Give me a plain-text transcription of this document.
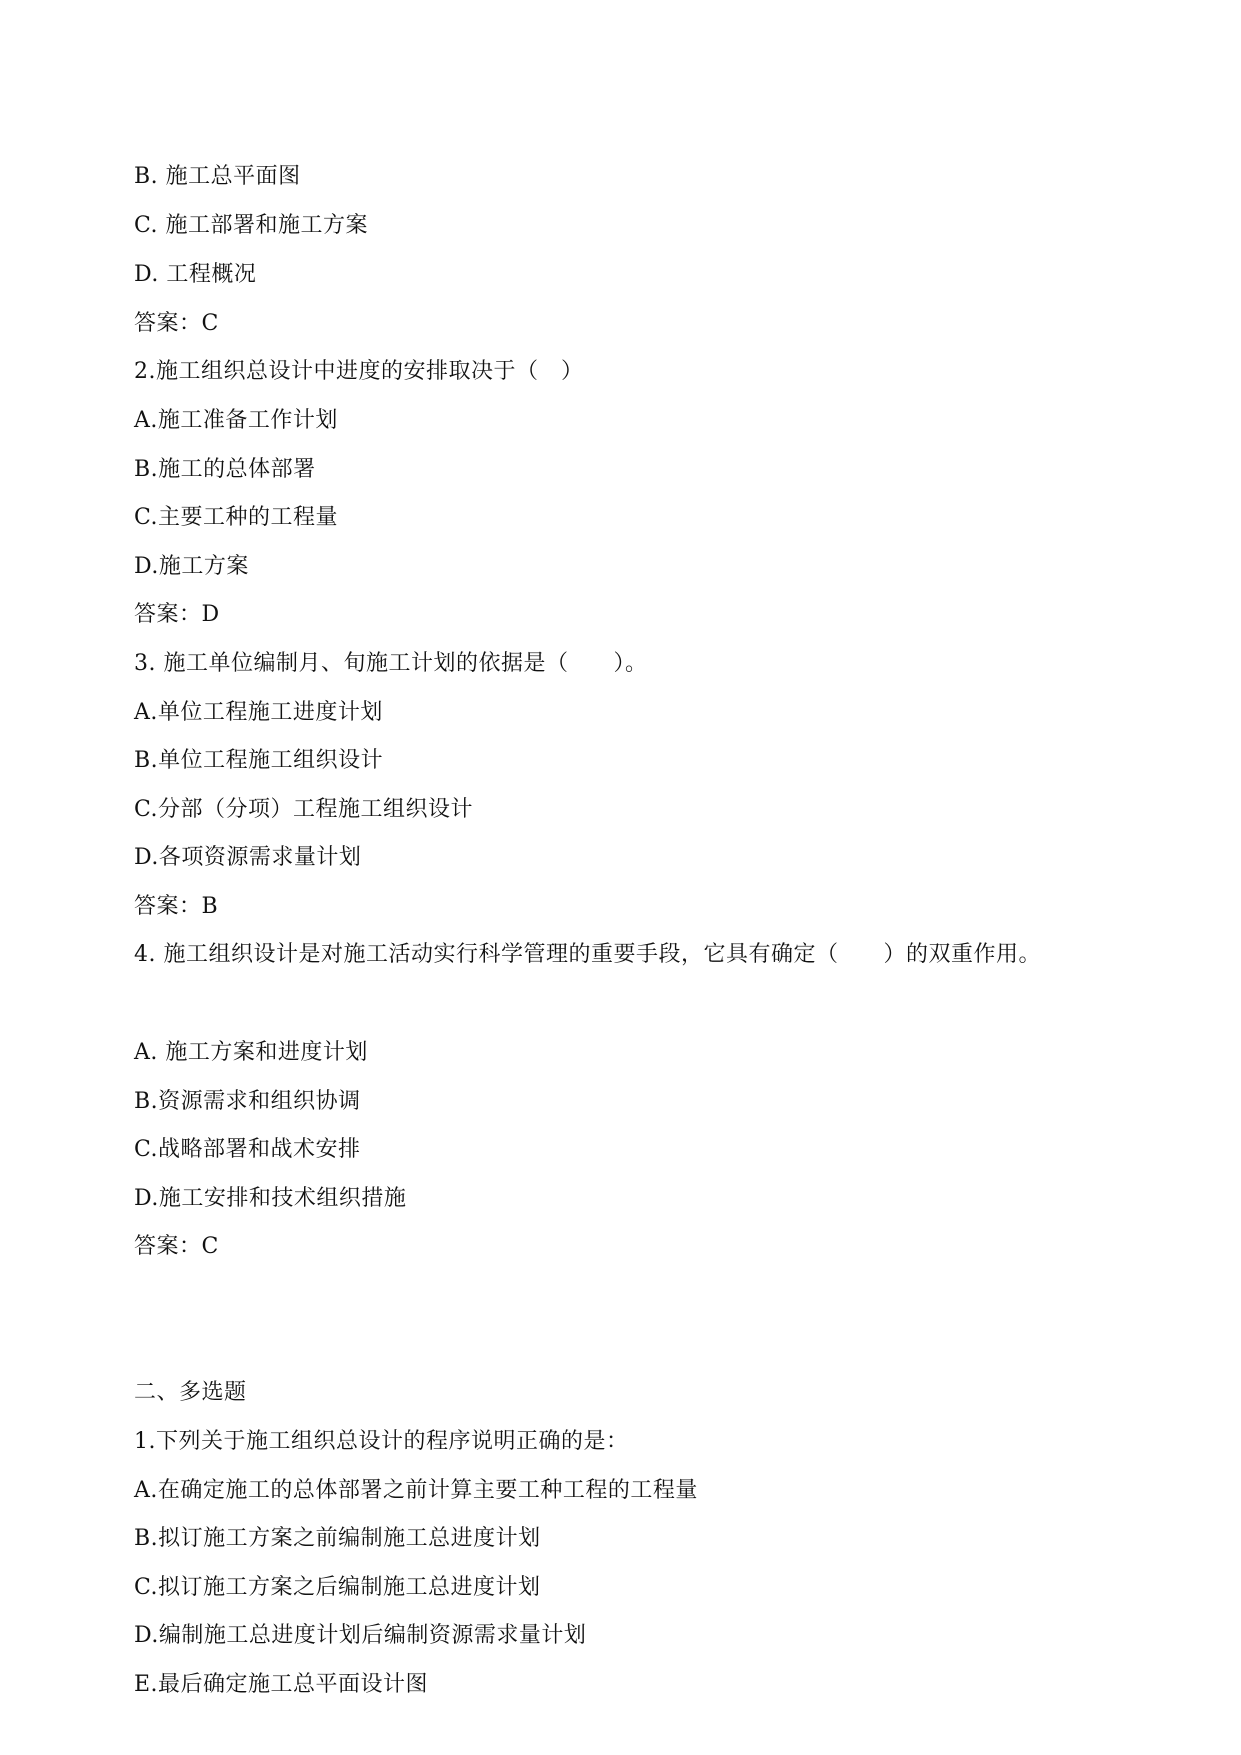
B. 施工总平面图
C. 施工部署和施工方案
D. 工程概况
答案：C
2.施工组织总设计中进度的安排取决于（　）
A.施工准备工作计划
B.施工的总体部署
C.主要工种的工程量
D.施工方案
答案：D
3. 施工单位编制月、旬施工计划的依据是（　　）。
A.单位工程施工进度计划
B.单位工程施工组织设计
C.分部（分项）工程施工组织设计
D.各项资源需求量计划
答案：B
4. 施工组织设计是对施工活动实行科学管理的重要手段，它具有确定（　　）的双重作用。
A. 施工方案和进度计划
B.资源需求和组织协调
C.战略部署和战术安排
D.施工安排和技术组织措施
答案：C
二、多选题
1.下列关于施工组织总设计的程序说明正确的是：
A.在确定施工的总体部署之前计算主要工种工程的工程量
B.拟订施工方案之前编制施工总进度计划
C.拟订施工方案之后编制施工总进度计划
D.编制施工总进度计划后编制资源需求量计划
E.最后确定施工总平面设计图
